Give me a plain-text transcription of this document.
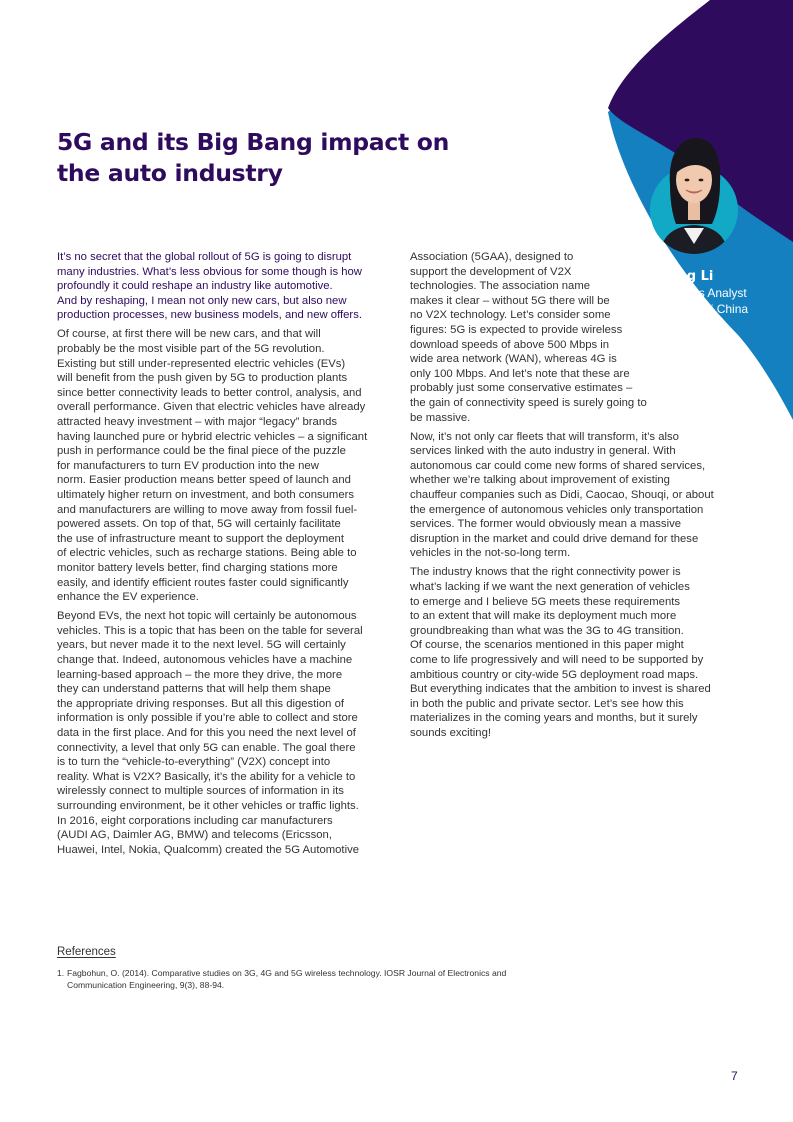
5G and its Big Bang impact on
the auto industry
Liang Li
Business Analyst
Capgemini China

It’s no secret that the global rollout of 5G is going to disrupt
many industries. What’s less obvious for some though is how
profoundly it could reshape an industry like automotive.
And by reshaping, I mean not only new cars, but also new
production processes, new business models, and new offers.

Of course, at first there will be new cars, and that will
probably be the most visible part of the 5G revolution.
Existing but still under-represented electric vehicles (EVs)
will benefit from the push given by 5G to production plants
since better connectivity leads to better control, analysis, and
overall performance. Given that electric vehicles have already
attracted heavy investment – with major “legacy” brands
having launched pure or hybrid electric vehicles – a significant
push in performance could be the final piece of the puzzle
for manufacturers to turn EV production into the new
norm. Easier production means better speed of launch and
ultimately higher return on investment, and both consumers
and manufacturers are willing to move away from fossil fuel-
powered assets. On top of that, 5G will certainly facilitate
the use of infrastructure meant to support the deployment
of electric vehicles, such as recharge stations. Being able to
monitor battery levels better, find charging stations more
easily, and identify efficient routes faster could significantly
enhance the EV experience.

Beyond EVs, the next hot topic will certainly be autonomous
vehicles. This is a topic that has been on the table for several
years, but never made it to the next level. 5G will certainly
change that. Indeed, autonomous vehicles have a machine
learning-based approach – the more they drive, the more
they can understand patterns that will help them shape
the appropriate driving responses. But all this digestion of
information is only possible if you’re able to collect and store
data in the first place. And for this you need the next level of
connectivity, a level that only 5G can enable. The goal there
is to turn the “vehicle-to-everything” (V2X) concept into
reality. What is V2X? Basically, it’s the ability for a vehicle to
wirelessly connect to multiple sources of information in its
surrounding environment, be it other vehicles or traffic lights.
In 2016, eight corporations including car manufacturers
(AUDI AG, Daimler AG, BMW) and telecoms (Ericsson,
Huawei, Intel, Nokia, Qualcomm) created the 5G Automotive

Association (5GAA), designed to
support the development of V2X
technologies. The association name
makes it clear – without 5G there will be
no V2X technology. Let’s consider some
figures: 5G is expected to provide wireless
download speeds of above 500 Mbps in
wide area network (WAN), whereas 4G is
only 100 Mbps. And let’s note that these are
probably just some conservative estimates –
the gain of connectivity speed is surely going to
be massive.

Now, it’s not only car fleets that will transform, it’s also
services linked with the auto industry in general. With
autonomous car could come new forms of shared services,
whether we’re talking about improvement of existing
chauffeur companies such as Didi, Caocao, Shouqi, or about
the emergence of autonomous vehicles only transportation
services. The former would obviously mean a massive
disruption in the market and could drive demand for these
vehicles in the not-so-long term.

The industry knows that the right connectivity power is
what’s lacking if we want the next generation of vehicles
to emerge and I believe 5G meets these requirements
to an extent that will make its deployment much more
groundbreaking than what was the 3G to 4G transition.
Of course, the scenarios mentioned in this paper might
come to life progressively and will need to be supported by
ambitious country or city-wide 5G deployment road maps.
But everything indicates that the ambition to invest is shared
in both the public and private sector. Let’s see how this
materializes in the coming years and months, but it surely
sounds exciting!

References
1. Fagbohun, O. (2014). Comparative studies on 3G, 4G and 5G wireless technology. IOSR Journal of Electronics and
Communication Engineering, 9(3), 88-94.
7
